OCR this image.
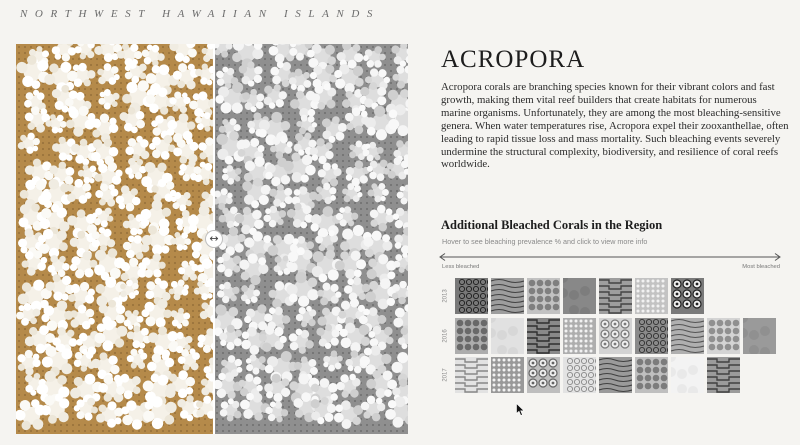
NORTHWEST HAWAIIAN ISLANDS
↔
ACROPORA

Acropora corals are branching species known for their vibrant colors and fast growth, making them vital reef builders that create habitats for numerous marine organisms. Unfortunately, they are among the most bleaching-sensitive genera. When water temperatures rise, Acropora expel their zooxanthellae, often leading to rapid tissue loss and mass mortality. Such bleaching events severely undermine the structural complexity, biodiversity, and resilience of coral reefs worldwide.

Additional Bleached Corals in the Region
Hover to see bleaching prevalence % and click to view more info
Less bleached	Most bleached
2013
2016
2017
